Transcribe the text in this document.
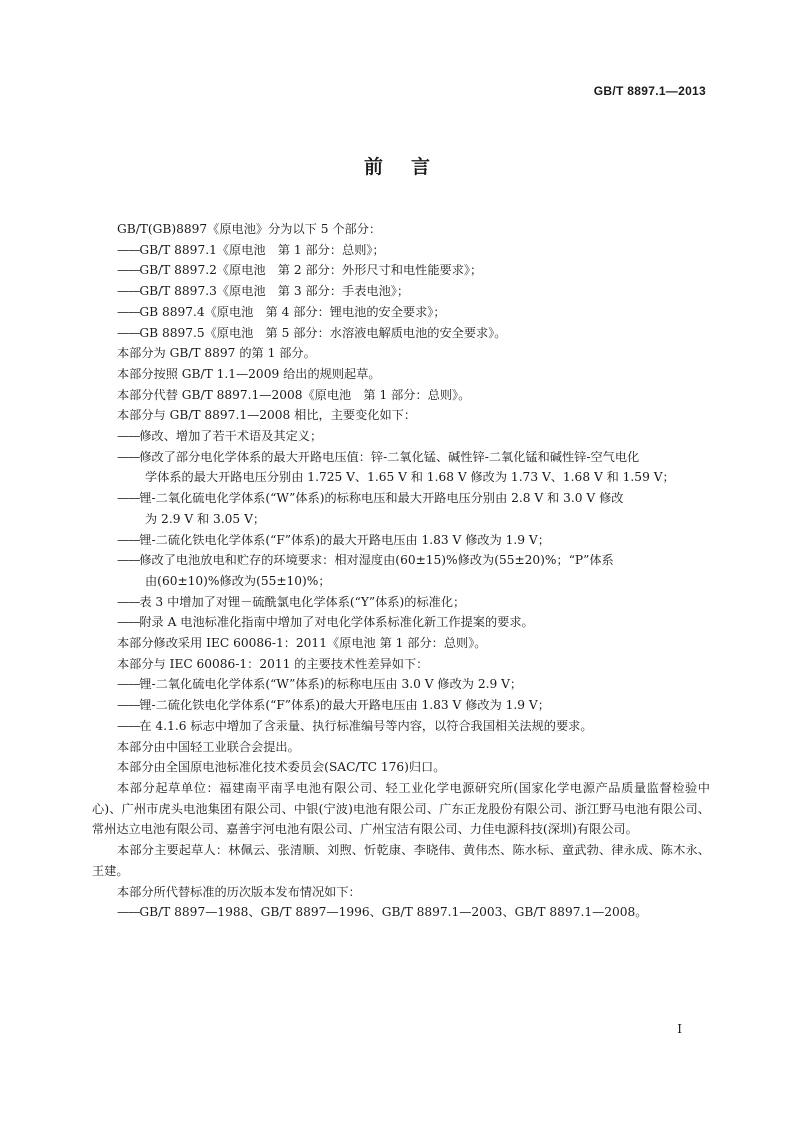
GB/T 8897.1—2013
前言
GB/T(GB)8897《原电池》分为以下 5 个部分：
——GB/T 8897.1《原电池　第 1 部分：总则》；
——GB/T 8897.2《原电池　第 2 部分：外形尺寸和电性能要求》；
——GB/T 8897.3《原电池　第 3 部分：手表电池》；
——GB 8897.4《原电池　第 4 部分：锂电池的安全要求》；
——GB 8897.5《原电池　第 5 部分：水溶液电解质电池的安全要求》。
本部分为 GB/T 8897 的第 1 部分。
本部分按照 GB/T 1.1—2009 给出的规则起草。
本部分代替 GB/T 8897.1—2008《原电池　第 1 部分：总则》。
本部分与 GB/T 8897.1—2008 相比，主要变化如下：
——修改、增加了若干术语及其定义；
——修改了部分电化学体系的最大开路电压值：锌-二氧化锰、碱性锌-二氧化锰和碱性锌-空气电化
学体系的最大开路电压分别由 1.725 V、1.65 V 和 1.68 V 修改为 1.73 V、1.68 V 和 1.59 V；
——锂-二氧化硫电化学体系(“W”体系)的标称电压和最大开路电压分别由 2.8 V 和 3.0 V 修改
为 2.9 V 和 3.05 V；
——锂-二硫化铁电化学体系(“F”体系)的最大开路电压由 1.83 V 修改为 1.9 V；
——修改了电池放电和贮存的环境要求：相对湿度由(60±15)%修改为(55±20)%；“P”体系
由(60±10)%修改为(55±10)%；
——表 3 中增加了对锂－硫酰氯电化学体系(“Y”体系)的标准化；
——附录 A 电池标准化指南中增加了对电化学体系标准化新工作提案的要求。
本部分修改采用 IEC 60086-1：2011《原电池 第 1 部分：总则》。
本部分与 IEC 60086-1：2011 的主要技术性差异如下：
——锂-二氧化硫电化学体系(“W”体系)的标称电压由 3.0 V 修改为 2.9 V；
——锂-二硫化铁电化学体系(“F”体系)的最大开路电压由 1.83 V 修改为 1.9 V；
——在 4.1.6 标志中增加了含汞量、执行标准编号等内容，以符合我国相关法规的要求。
本部分由中国轻工业联合会提出。
本部分由全国原电池标准化技术委员会(SAC/TC 176)归口。
本部分起草单位：福建南平南孚电池有限公司、轻工业化学电源研究所(国家化学电源产品质量监督检验中心)、广州市虎头电池集团有限公司、中银(宁波)电池有限公司、广东正龙股份有限公司、浙江野马电池有限公司、常州达立电池有限公司、嘉善宇河电池有限公司、广州宝洁有限公司、力佳电源科技(深圳)有限公司。
本部分主要起草人：林佩云、张清顺、刘煦、忻乾康、李晓伟、黄伟杰、陈水标、童武勃、律永成、陈木永、王建。
本部分所代替标准的历次版本发布情况如下：
——GB/T 8897—1988、GB/T 8897—1996、GB/T 8897.1—2003、GB/T 8897.1—2008。
I
